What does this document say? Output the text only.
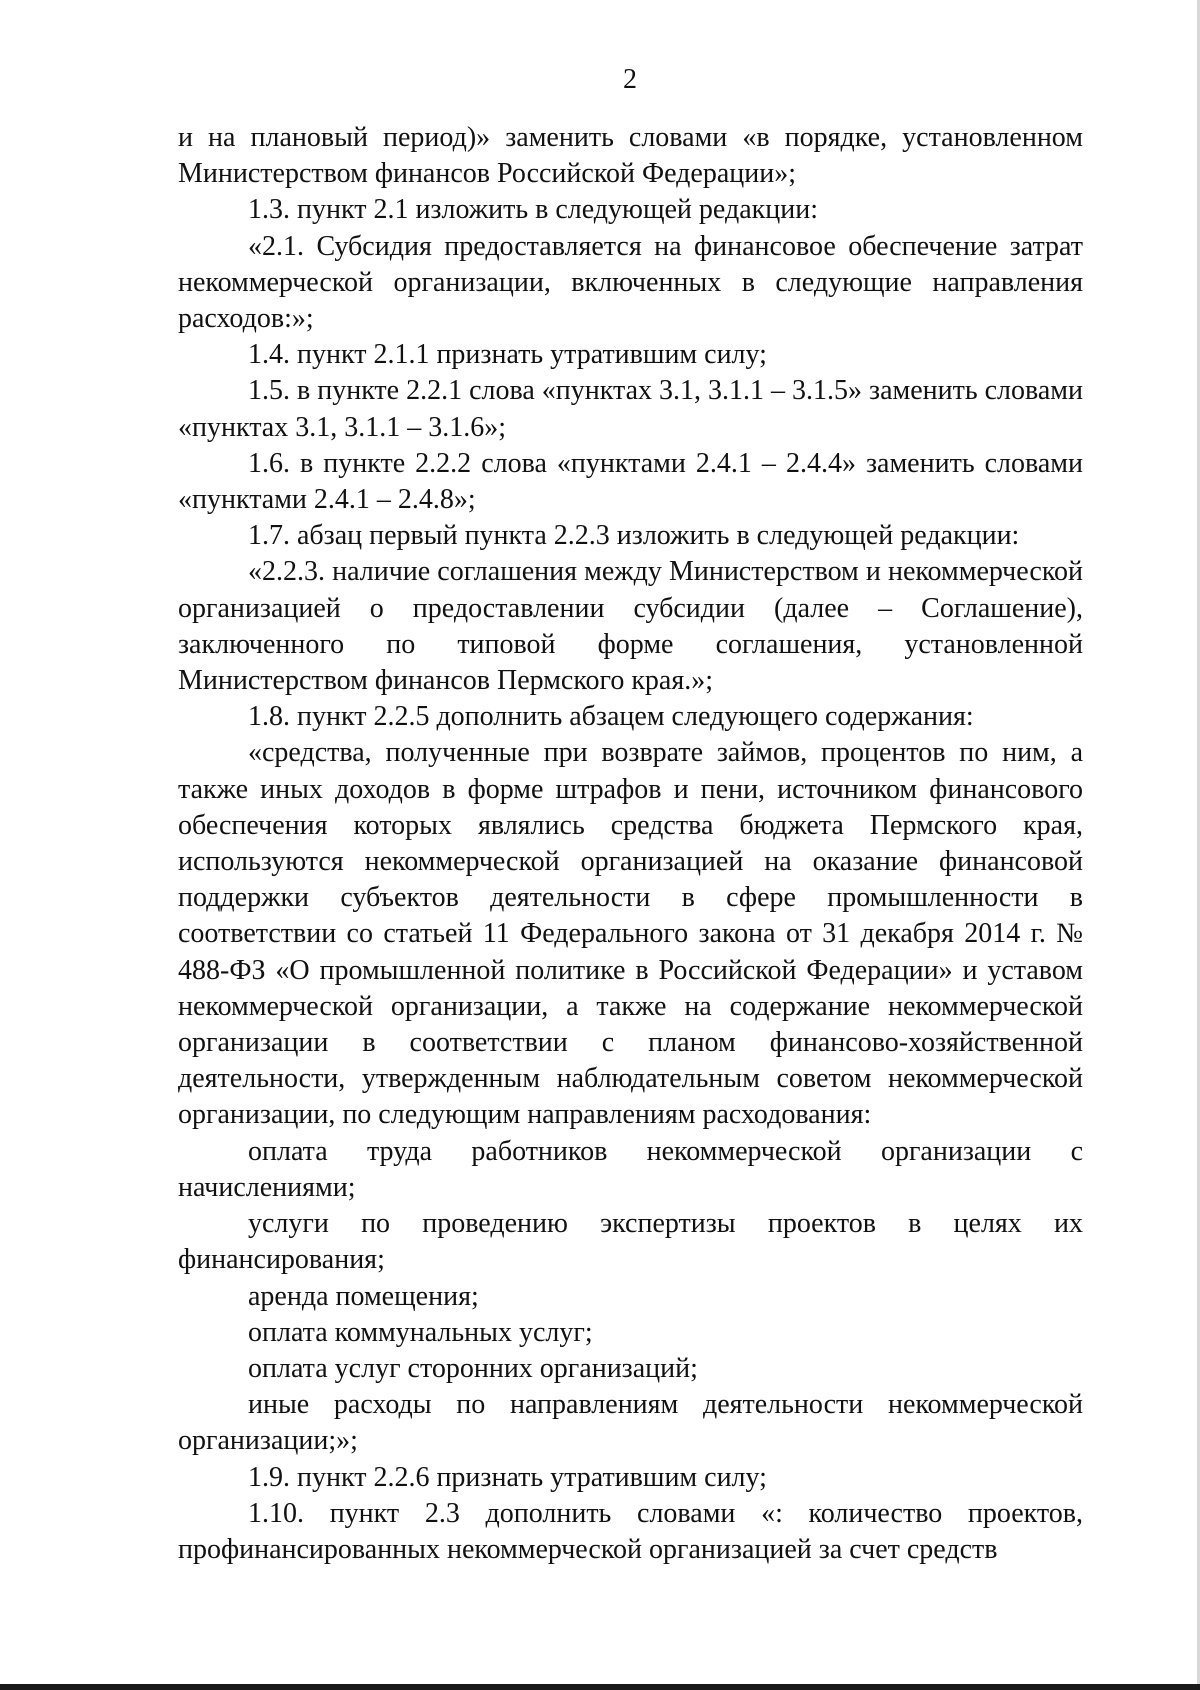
2

и на плановый период)» заменить словами «в порядке, установленном Министерством финансов Российской Федерации»;

1.3. пункт 2.1 изложить в следующей редакции:

«2.1. Субсидия предоставляется на финансовое обеспечение затрат некоммерческой организации, включенных в следующие направления расходов:»;

1.4. пункт 2.1.1 признать утратившим силу;

1.5. в пункте 2.2.1 слова «пунктах 3.1, 3.1.1 – 3.1.5» заменить словами «пунктах 3.1, 3.1.1 – 3.1.6»;

1.6. в пункте 2.2.2 слова «пунктами 2.4.1 – 2.4.4» заменить словами «пунктами 2.4.1 – 2.4.8»;

1.7. абзац первый пункта 2.2.3 изложить в следующей редакции:

«2.2.3. наличие соглашения между Министерством и некоммерческой организацией о предоставлении субсидии (далее – Соглашение), заключенного по типовой форме соглашения, установленной Министерством финансов Пермского края.»;

1.8. пункт 2.2.5 дополнить абзацем следующего содержания:

«средства, полученные при возврате займов, процентов по ним, а также иных доходов в форме штрафов и пени, источником финансового обеспечения которых являлись средства бюджета Пермского края, используются некоммерческой организацией на оказание финансовой поддержки субъектов деятельности в сфере промышленности в соответствии со статьей 11 Федерального закона от 31 декабря 2014 г. № 488-ФЗ «О промышленной политике в Российской Федерации» и уставом некоммерческой организации, а также на содержание некоммерческой организации в соответствии с планом финансово-хозяйственной деятельности, утвержденным наблюдательным советом некоммерческой организации, по следующим направлениям расходования:

оплата труда работников некоммерческой организации с начислениями;

услуги по проведению экспертизы проектов в целях их финансирования;

аренда помещения;

оплата коммунальных услуг;

оплата услуг сторонних организаций;

иные расходы по направлениям деятельности некоммерческой организации;»;

1.9. пункт 2.2.6 признать утратившим силу;

1.10. пункт 2.3 дополнить словами «: количество проектов, профинансированных некоммерческой организацией за счет средств
